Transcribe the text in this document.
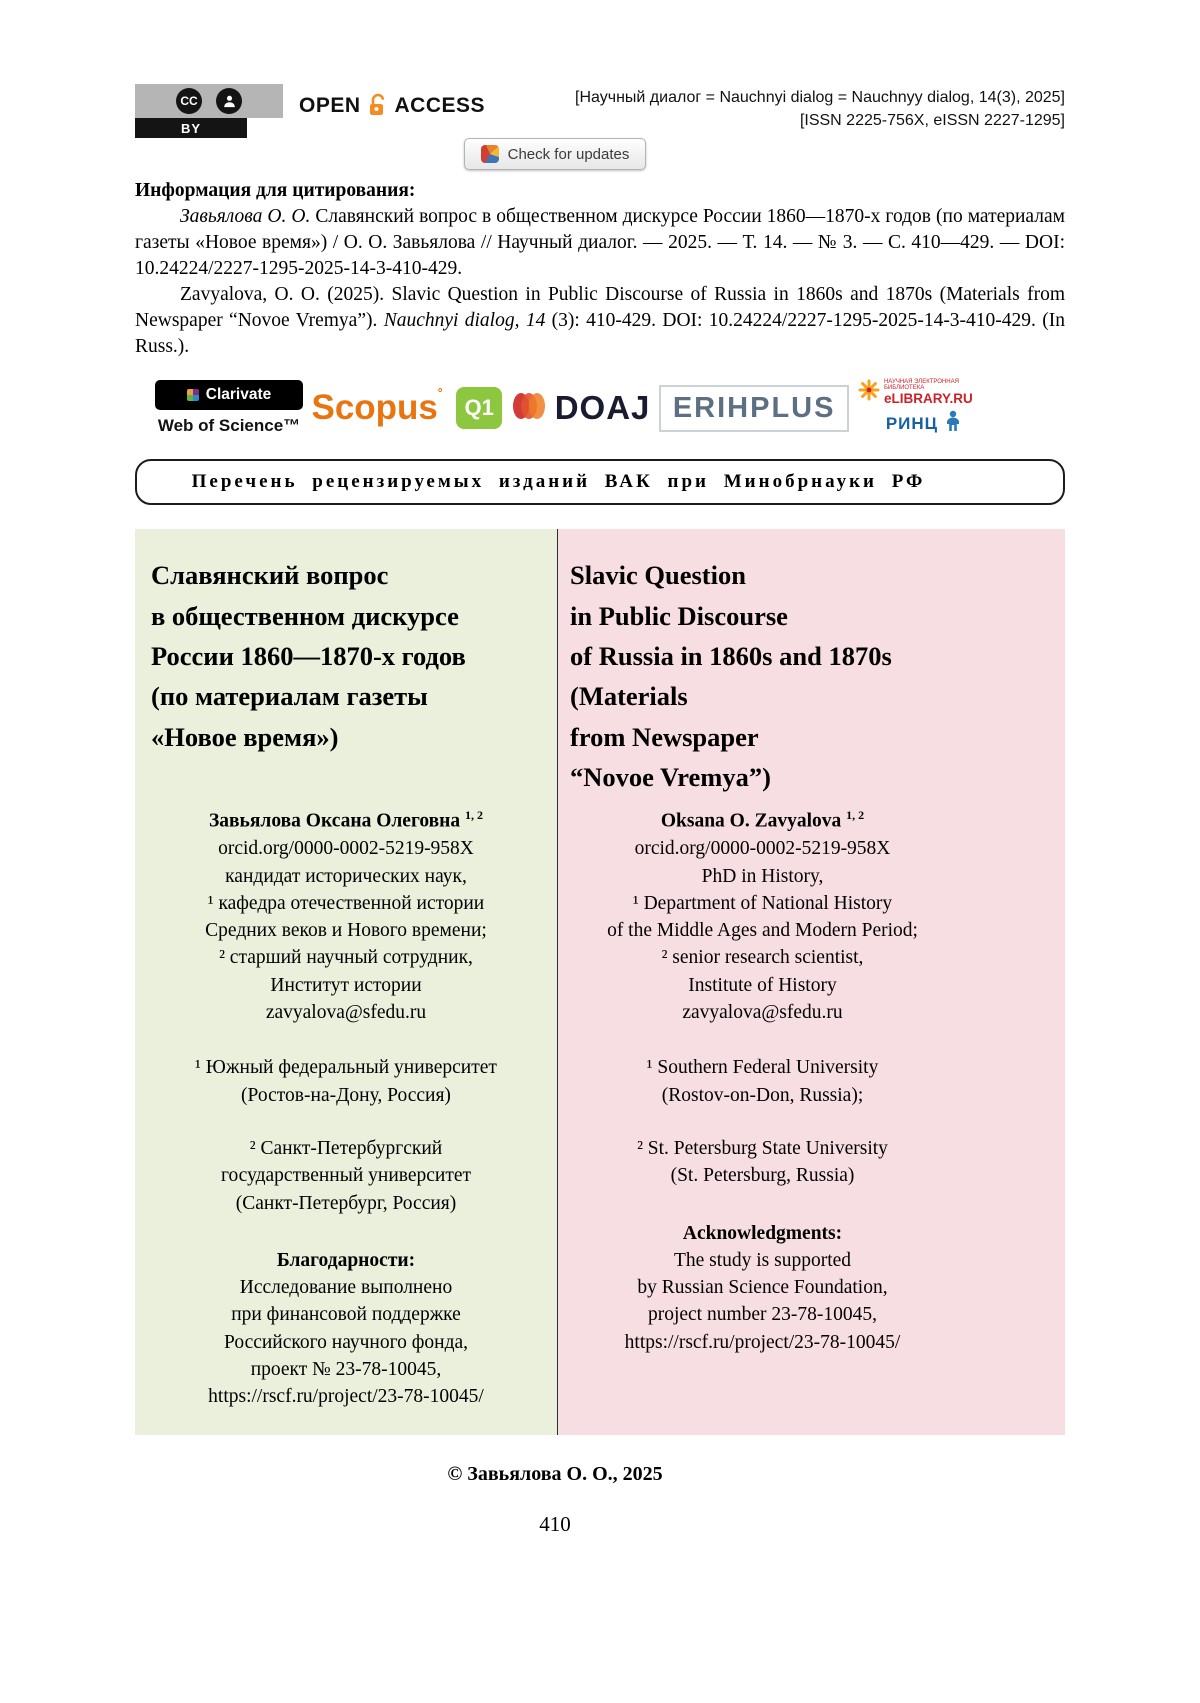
CC
BY
OPEN ACCESS	[Научный диалог = Nauchnyi dialog = Nauchnyy dialog, 14(3), 2025]
[ISSN 2225-756X, eISSN 2227-1295]
Check for updates

Информация для цитирования:

Завьялова О. О. Славянский вопрос в общественном дискурсе России 1860—1870-х годов (по материалам газеты «Новое время») / О. О. Завьялова // Научный диалог. — 2025. — Т. 14. — № 3. — С. 410—429. — DOI: 10.24224/2227-1295-2025-14-3-410-429.

Zavyalova, O. O. (2025). Slavic Question in Public Discourse of Russia in 1860s and 1870s (Materials from Newspaper “Novoe Vremya”). Nauchnyi dialog, 14 (3): 410-429. DOI: 10.24224/2227-1295-2025-14-3-410-429. (In Russ.).

Clarivate
Web of Science™ Scopus˚ Q1 DOAJ ERIHPLUS
НАУЧНАЯ ЭЛЕКТРОННАЯ БИБЛИОТЕКА
eLIBRARY.RU
РИНЦ
Перечень рецензируемых изданий ВАК при Минобрнауки РФ
Славянский вопрос
в общественном дискурсе
России 1860—1870-х годов
(по материалам газеты
«Новое время»)

Завьялова Оксана Олеговна $^{1, 2}$

orcid.org/0000-0002-5219-958X

кандидат исторических наук,

¹ кафедра отечественной истории
Средних веков и Нового времени;

² старший научный сотрудник,
Институт истории

zavyalova@sfedu.ru

¹ Южный федеральный университет
(Ростов-на-Дону, Россия)

² Санкт-Петербургский
государственный университет
(Санкт-Петербург, Россия)

Благодарности:

Исследование выполнено
при финансовой поддержке
Российского научного фонда,
проект № 23-78-10045,

https://rscf.ru/project/23-78-10045/

Slavic Question
in Public Discourse
of Russia in 1860s and 1870s
(Materials
from Newspaper
“Novoe Vremya”)

Oksana O. Zavyalova $^{1, 2}$

orcid.org/0000-0002-5219-958X

PhD in History,

¹ Department of National History
of the Middle Ages and Modern Period;

² senior research scientist,
Institute of History

zavyalova@sfedu.ru

¹ Southern Federal University
(Rostov-on-Don, Russia);

² St. Petersburg State University
(St. Petersburg, Russia)

Acknowledgments:

The study is supported
by Russian Science Foundation,
project number 23-78-10045,

https://rscf.ru/project/23-78-10045/

© Завьялова О. О., 2025

410
